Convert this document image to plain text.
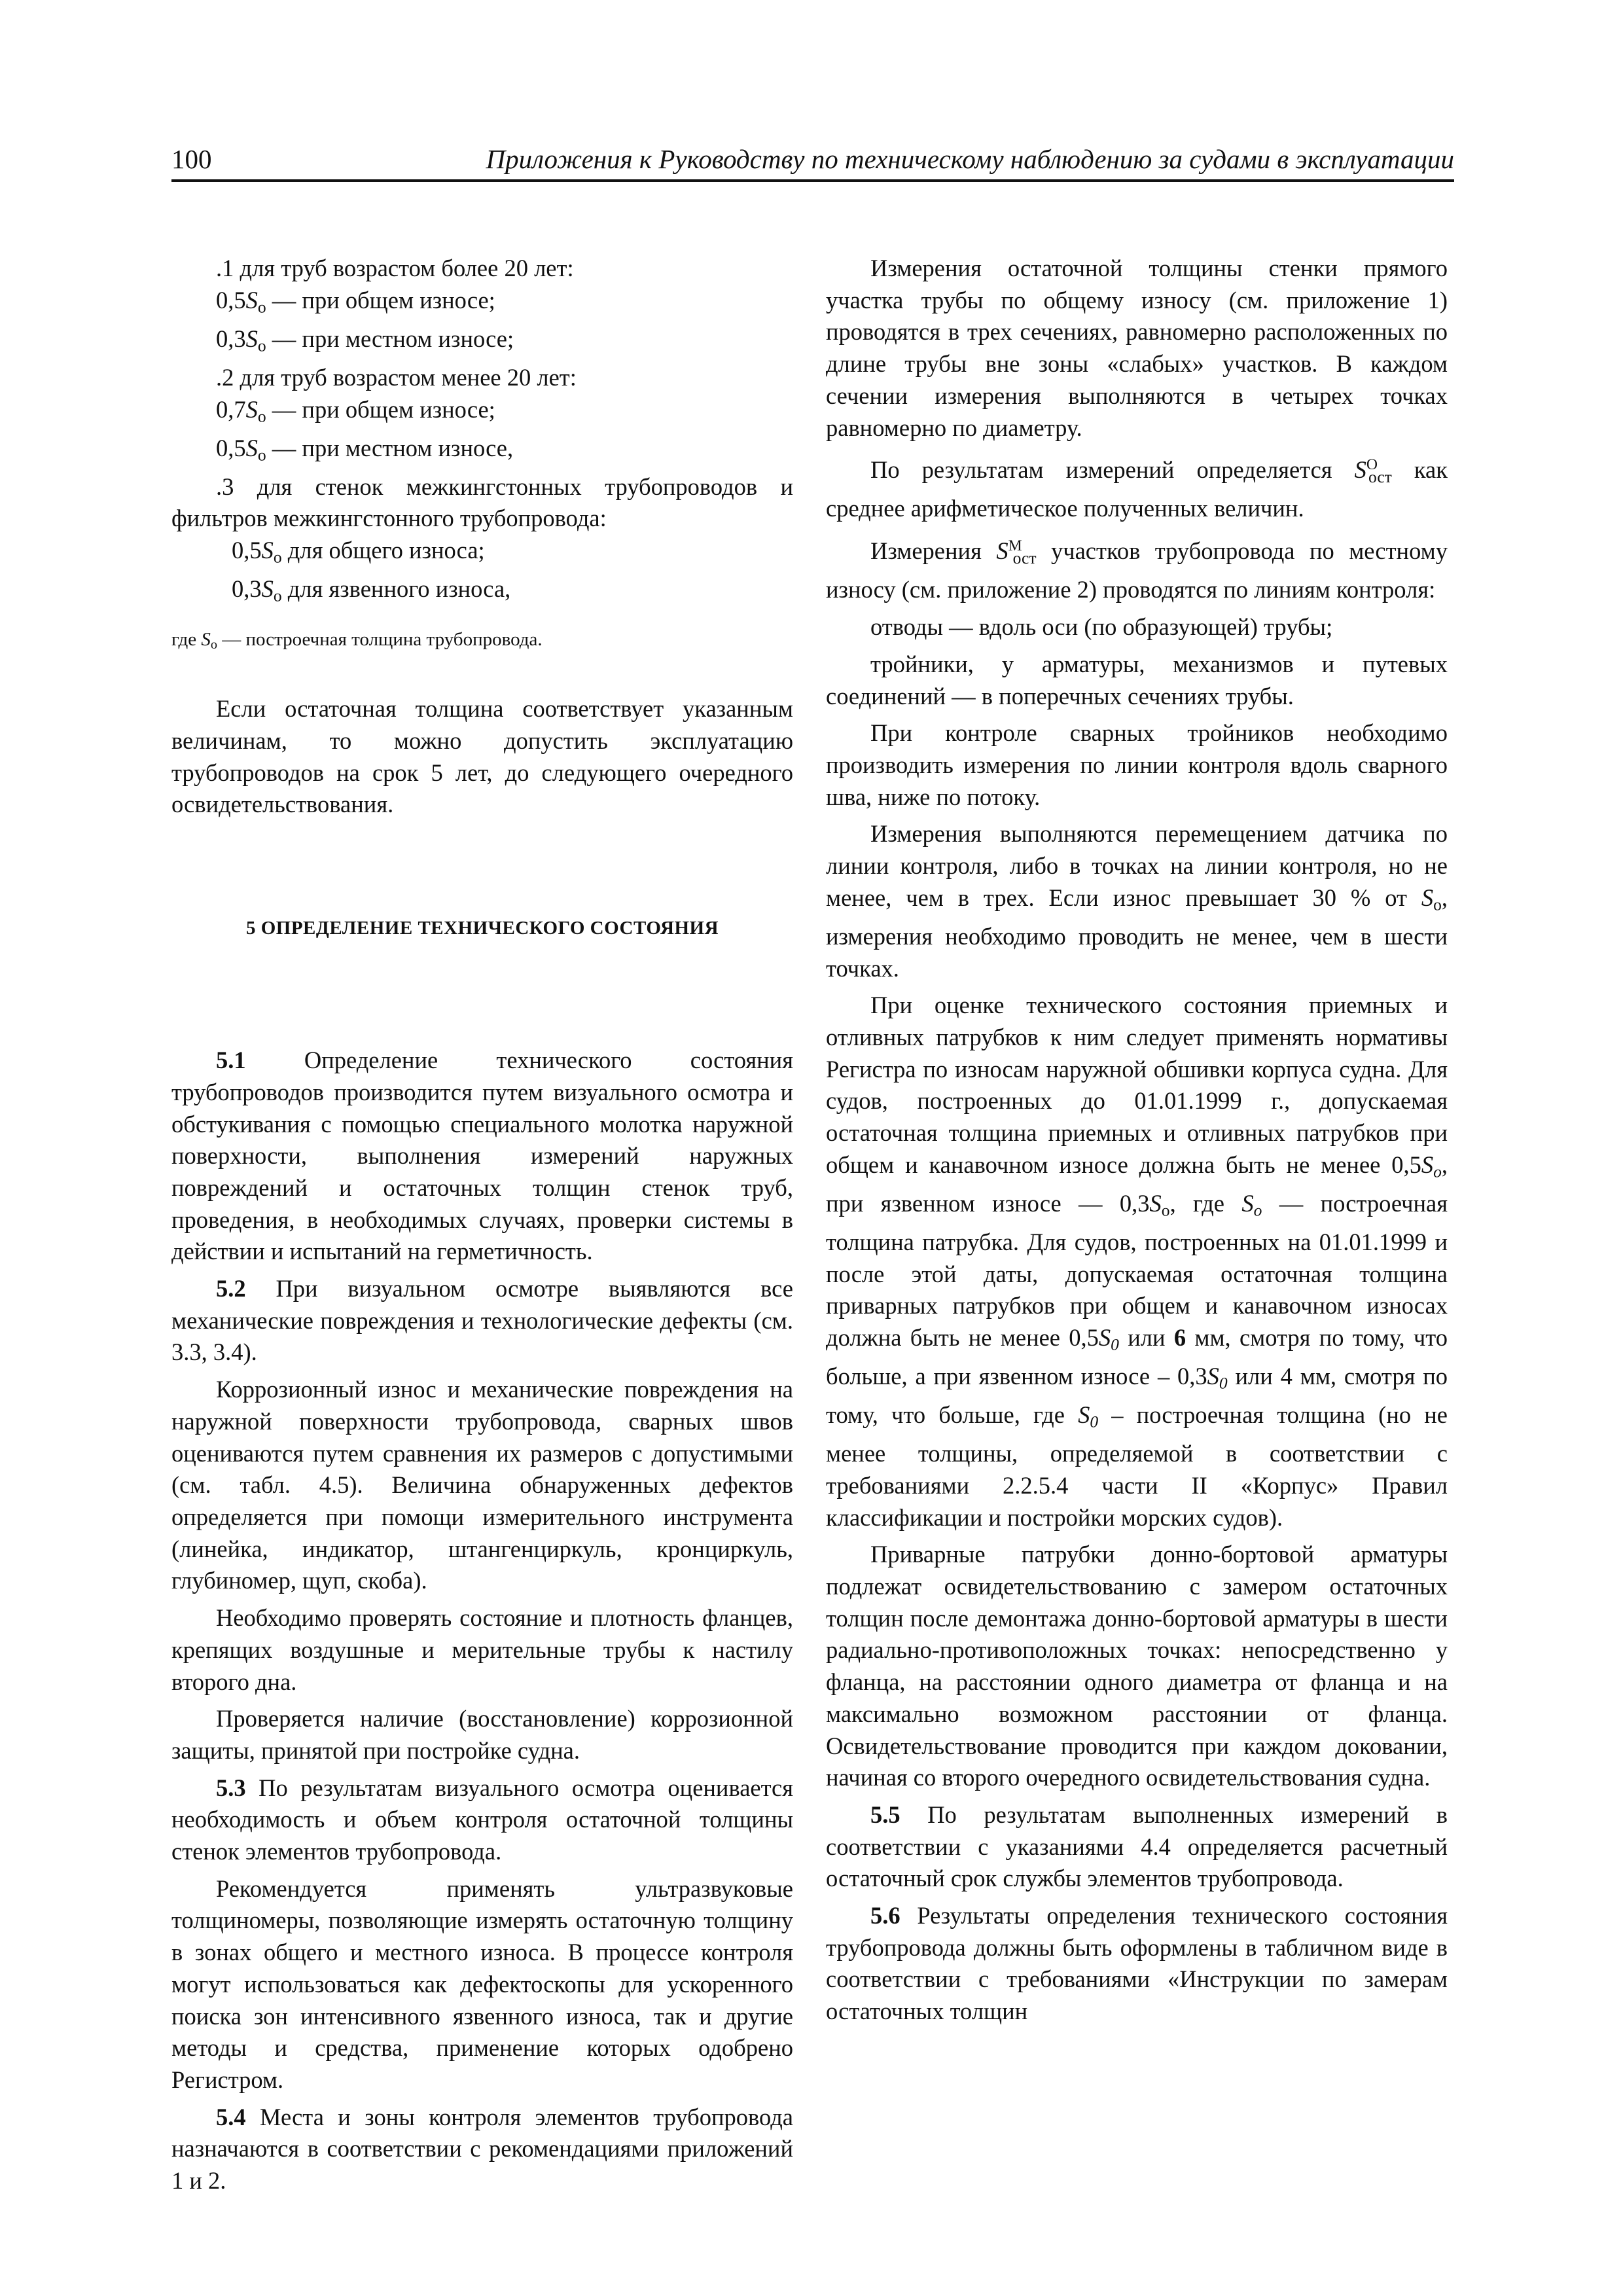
100	Приложения к Руководству по техническому наблюдению за судами в эксплуатации
.1 для труб возрастом более 20 лет:
$0,5S_о$ — при общем износе;
$0,3S_о$ — при местном износе;
.2 для труб возрастом менее 20 лет:
$0,7S_о$ — при общем износе;
$0,5S_о$ — при местном износе,

.3 для стенок межкингстонных трубопроводов и фильтров межкингстонного трубопровода:

$0,5S_о$ для общего износа;
$0,3S_о$ для язвенного износа,
где $S_о$ — построечная толщина трубопровода.

Если остаточная толщина соответствует указанным величинам, то можно допустить эксплуатацию трубопроводов на срок 5 лет, до следующего очередного освидетельствования.

5 ОПРЕДЕЛЕНИЕ ТЕХНИЧЕСКОГО СОСТОЯНИЯ

5.1 Определение технического состояния трубопроводов производится путем визуального осмотра и обстукивания с помощью специального молотка наружной поверхности, выполнения измерений наружных повреждений и остаточных толщин стенок труб, проведения, в необходимых случаях, проверки системы в действии и испытаний на герметичность.

5.2 При визуальном осмотре выявляются все механические повреждения и технологические дефекты (см. 3.3, 3.4).

Коррозионный износ и механические повреждения на наружной поверхности трубопровода, сварных швов оцениваются путем сравнения их размеров с допустимыми (см. табл. 4.5). Величина обнаруженных дефектов определяется при помощи измерительного инструмента (линейка, индикатор, штангенциркуль, кронциркуль, глубиномер, щуп, скоба).

Необходимо проверять состояние и плотность фланцев, крепящих воздушные и мерительные трубы к настилу второго дна.

Проверяется наличие (восстановление) коррозионной защиты, принятой при постройке судна.

5.3 По результатам визуального осмотра оценивается необходимость и объем контроля остаточной толщины стенок элементов трубопровода.

Рекомендуется применять ультразвуковые толщиномеры, позволяющие измерять остаточную толщину в зонах общего и местного износа. В процессе контроля могут использоваться как дефектоскопы для ускоренного поиска зон интенсивного язвенного износа, так и другие методы и средства, применение которых одобрено Регистром.

5.4 Места и зоны контроля элементов трубопровода назначаются в соответствии с рекомендациями приложений 1 и 2.

Измерения остаточной толщины стенки прямого участка трубы по общему износу (см. приложение 1) проводятся в трех сечениях, равномерно расположенных по длине трубы вне зоны «слабых» участков. В каждом сечении измерения выполняются в четырех точках равномерно по диаметру.

По результатам измерений определяется $S^О_{ост}$ как среднее арифметическое полученных величин.

Измерения $S^М_{ост}$ участков трубопровода по местному износу (см. приложение 2) проводятся по линиям контроля:

отводы — вдоль оси (по образующей) трубы;

тройники, у арматуры, механизмов и путевых соединений — в поперечных сечениях трубы.

При контроле сварных тройников необходимо производить измерения по линии контроля вдоль сварного шва, ниже по потоку.

Измерения выполняются перемещением датчика по линии контроля, либо в точках на линии контроля, но не менее, чем в трех. Если износ превышает 30 % от $S_о$, измерения необходимо проводить не менее, чем в шести точках.

При оценке технического состояния приемных и отливных патрубков к ним следует применять нормативы Регистра по износам наружной обшивки корпуса судна. Для судов, построенных до 01.01.1999 г., допускаемая остаточная толщина приемных и отливных патрубков при общем и канавочном износе должна быть не менее $0,5S_о$, при язвенном износе — $0,3S_о$, где $S_о$ — построечная толщина патрубка. Для судов, построенных на 01.01.1999 и после этой даты, допускаемая остаточная толщина приварных патрубков при общем и канавочном износах должна быть не менее $0,5S_0$ или 6 мм, смотря по тому, что больше, а при язвенном износе – $0,3S_0$ или 4 мм, смотря по тому, что больше, где $S_0$ – построечная толщина (но не менее толщины, определяемой в соответствии с требованиями 2.2.5.4 части II «Корпус» Правил классификации и постройки морских судов).

Приварные патрубки донно-бортовой арматуры подлежат освидетельствованию с замером остаточных толщин после демонтажа донно-бортовой арматуры в шести радиально-противоположных точках: непосредственно у фланца, на расстоянии одного диаметра от фланца и на максимально возможном расстоянии от фланца. Освидетельствование проводится при каждом доковании, начиная со второго очередного освидетельствования судна.

5.5 По результатам выполненных измерений в соответствии с указаниями 4.4 определяется расчетный остаточный срок службы элементов трубопровода.

5.6 Результаты определения технического состояния трубопровода должны быть оформлены в табличном виде в соответствии с требованиями «Инструкции по замерам остаточных толщин
